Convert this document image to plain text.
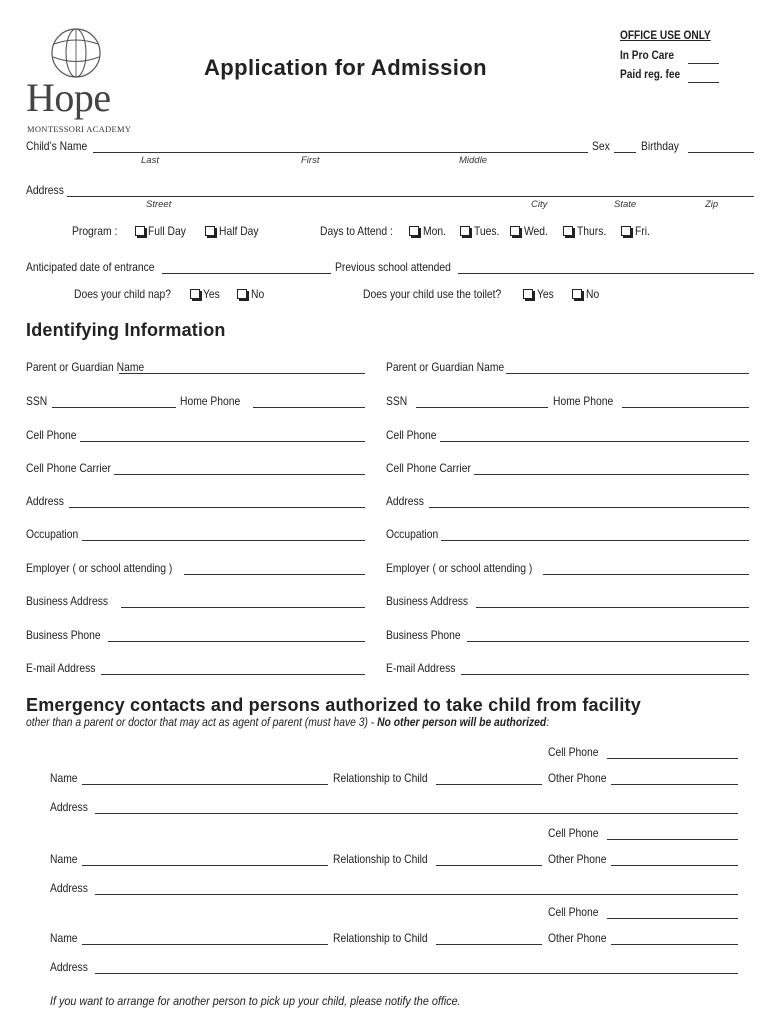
Hope
MONTESSORI ACADEMY
Application for Admission
OFFICE USE ONLY
In Pro Care
Paid reg. fee
Child’s Name
Last	First	Middle
Sex	Birthday
Address
Street	City	State	Zip
Program :	Full Day	Half Day	Days to Attend :	Mon. Tues. Wed. Thurs. Fri.
Anticipated date of entrance	Previous school attended
Does your child nap?	Yes	No	Does your child use the toilet?	Yes	No
Identifying Information
Parent or Guardian Name	Parent or Guardian Name
SSN	Home Phone	SSN	Home Phone
Cell Phone	Cell Phone
Cell Phone Carrier	Cell Phone Carrier
Address	Address
Occupation	Occupation
Employer ( or school attending )	Employer ( or school attending )
Business Address	Business Address
Business Phone	Business Phone
E-mail Address	E-mail Address
Emergency contacts and persons authorized to take child from facility
other than a parent or doctor that may act as agent of parent (must have 3) - No other person will be authorized:
Cell Phone
Name	Relationship to Child	Other Phone
Address
Cell Phone
Name	Relationship to Child	Other Phone
Address
Cell Phone
Name	Relationship to Child	Other Phone
Address
If you want to arrange for another person to pick up your child, please notify the office.
